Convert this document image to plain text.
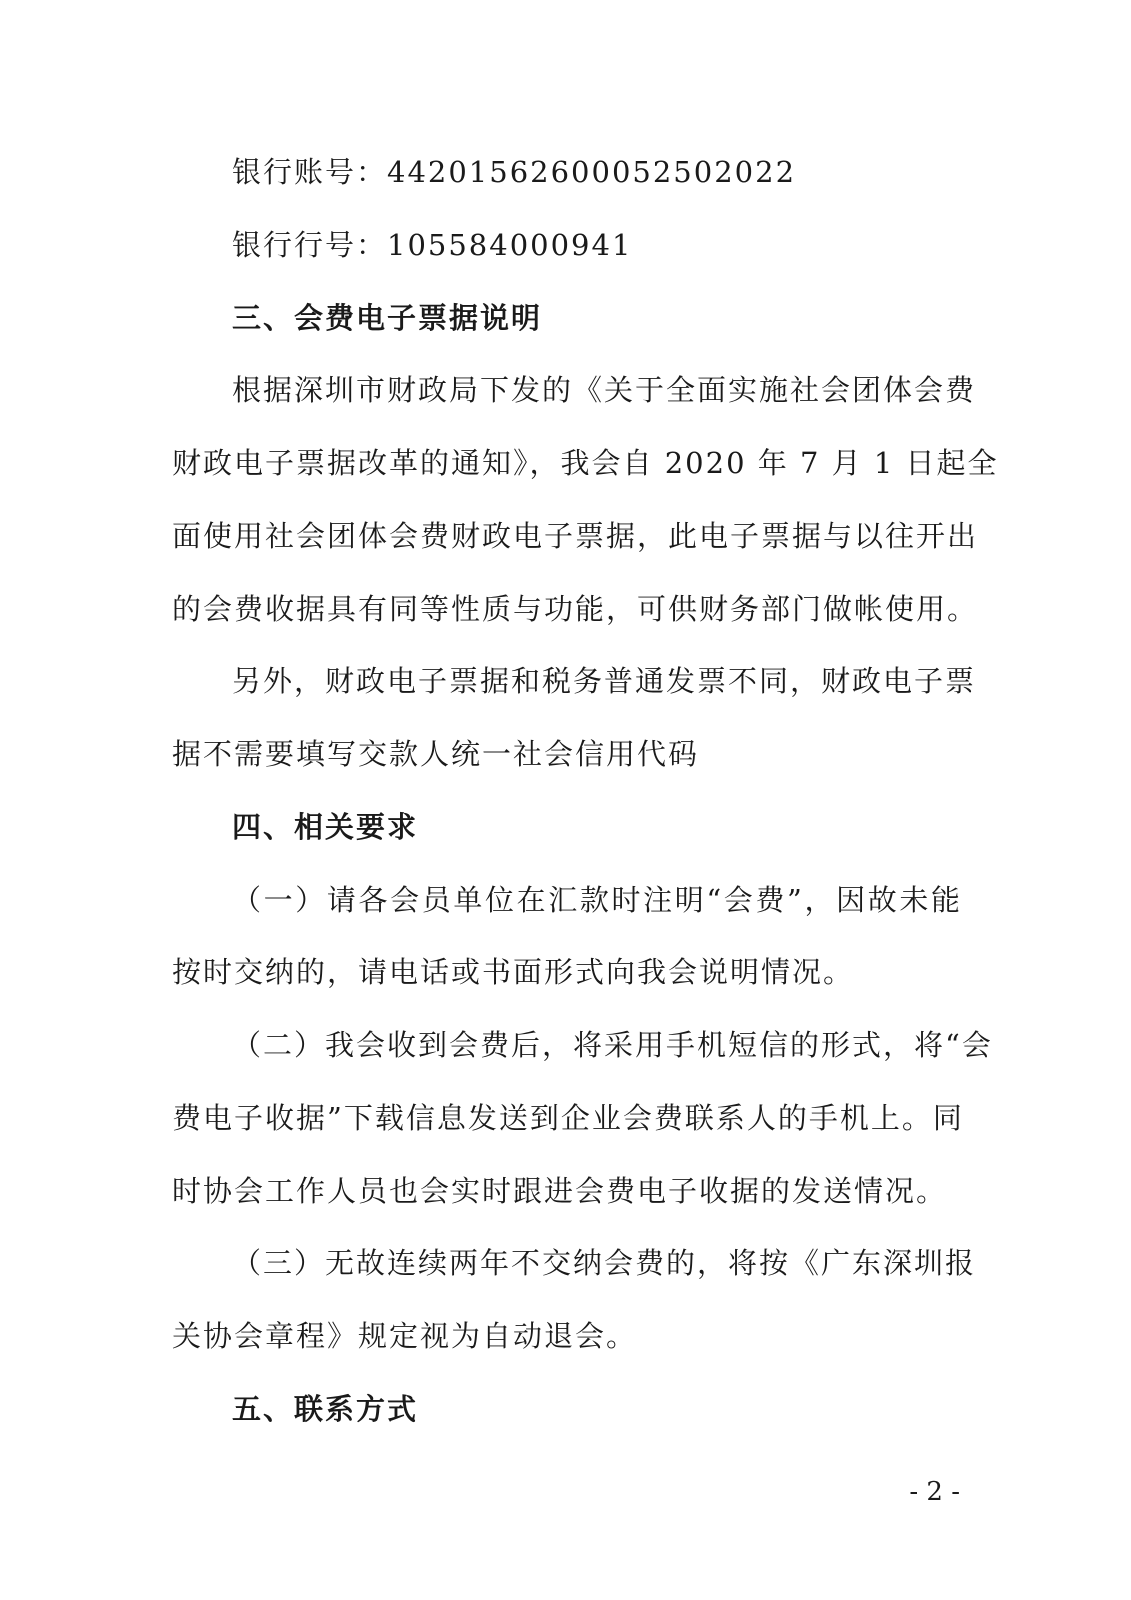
银行账号：44201562600052502022
银行行号：105584000941
三、会费电子票据说明
根据深圳市财政局下发的《关于全面实施社会团体会费
财政电子票据改革的通知》，我会自 2020 年 7 月 1 日起全
面使用社会团体会费财政电子票据，此电子票据与以往开出
的会费收据具有同等性质与功能，可供财务部门做帐使用。
另外，财政电子票据和税务普通发票不同，财政电子票
据不需要填写交款人统一社会信用代码
四、相关要求
（一）请各会员单位在汇款时注明“会费”，因故未能
按时交纳的，请电话或书面形式向我会说明情况。
（二）我会收到会费后，将采用手机短信的形式，将“会
费电子收据”下载信息发送到企业会费联系人的手机上。同
时协会工作人员也会实时跟进会费电子收据的发送情况。
（三）无故连续两年不交纳会费的，将按《广东深圳报
关协会章程》规定视为自动退会。
五、联系方式
- 2 -
